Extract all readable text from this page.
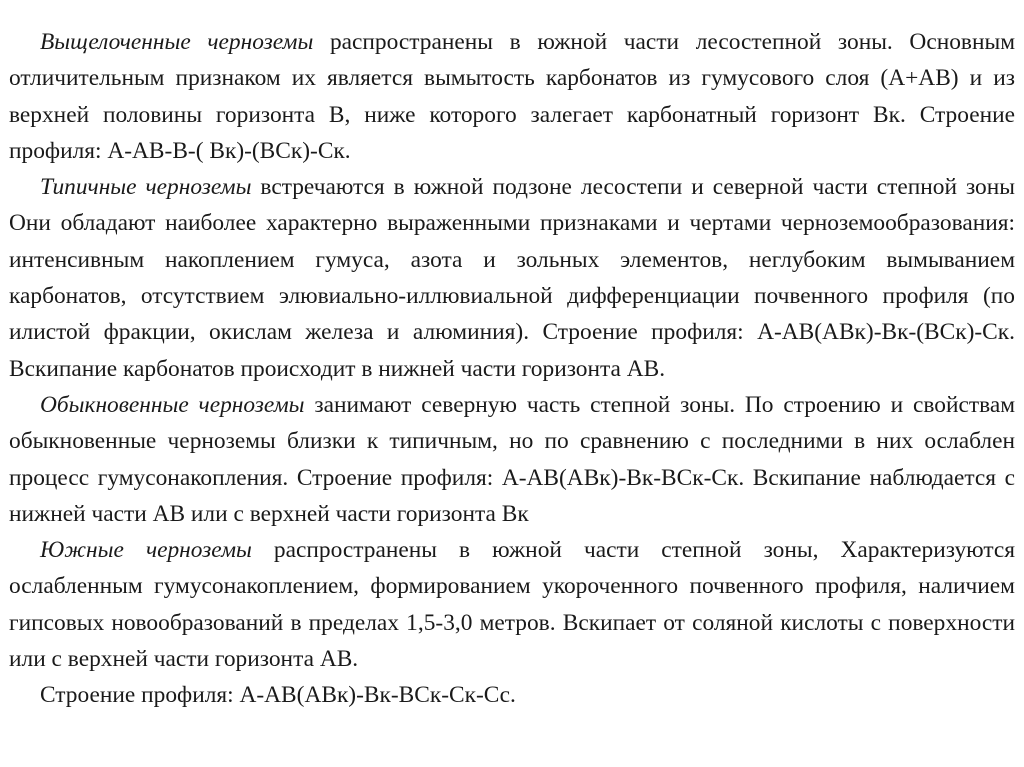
Выщелоченные черноземы распространены в южной части лесостепной зоны. Основным отличительным признаком их является вымытость карбонатов из гумусового слоя (А+АВ) и из верхней половины горизонта В, ниже которого залегает карбонатный горизонт Вк. Строение профиля: А-АВ-В-( Вк)-(ВСк)-Ск.

Типичные черноземы встречаются в южной подзоне лесостепи и северной части степной зоны Они обладают наиболее характерно выраженными признаками и чертами черноземообразования: интенсивным накоплением гумуса, азота и зольных элементов, неглубоким вымыванием карбонатов, отсутствием элювиально-иллювиальной дифференциации почвенного профиля (по илистой фракции, окислам железа и алюминия). Строение профиля: А-АВ(АВк)-Вк-(ВСк)-Ск. Вскипание карбонатов происходит в нижней части горизонта АВ.

Обыкновенные черноземы занимают северную часть степной зоны. По строению и свойствам обыкновенные черноземы близки к типичным, но по сравнению с последними в них ослаблен процесс гумусонакопления. Строение профиля: А-АВ(АВк)-Вк-ВСк-Ск. Вскипание наблюдается с нижней части АВ или с верхней части горизонта Вк

Южные черноземы распространены в южной части степной зоны, Характеризуются ослабленным гумусонакоплением, формированием укороченного почвенного профиля, наличием гипсовых новообразований в пределах 1,5-3,0 метров. Вскипает от соляной кислоты с поверхности или с верхней части горизонта АВ.

Строение профиля: А-АВ(АВк)-Вк-ВСк-Ск-Сс.
